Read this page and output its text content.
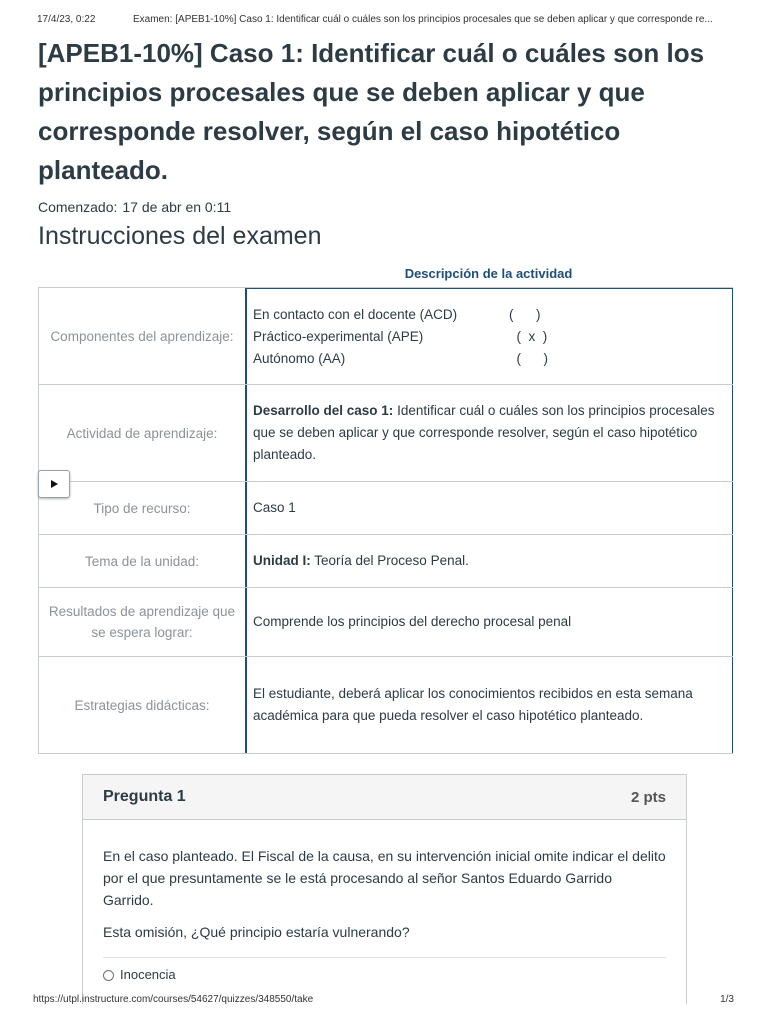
17/4/23, 0:22	Examen: [APEB1-10%] Caso 1: Identificar cuál o cuáles son los principios procesales que se deben aplicar y que corresponde re...
[APEB1-10%] Caso 1: Identificar cuál o cuáles son los principios procesales que se deben aplicar y que corresponde resolver, según el caso hipotético planteado.

Comenzado: 17 de abr en 0:11

Instrucciones del examen
Descripción de la actividad
Componentes del aprendizaje:
En contacto con el docente (ACD)	(      )
Práctico-experimental (APE)	(  x  )
Autónomo (AA)	(      )
Actividad de aprendizaje:
Desarrollo del caso 1: Identificar cuál o cuáles son los principios procesales que se deben aplicar y que corresponde resolver, según el caso hipotético planteado.
Tipo de recurso:	Caso 1
Tema de la unidad:	Unidad I: Teoría del Proceso Penal.
Resultados de aprendizaje que se espera lograr:
Comprende los principios del derecho procesal penal
Estrategias didácticas:
El estudiante, deberá aplicar los conocimientos recibidos en esta semana académica para que pueda resolver el caso hipotético planteado.
Pregunta 1	2 pts

En el caso planteado. El Fiscal de la causa, en su intervención inicial omite indicar el delito por el que presuntamente se le está procesando al señor Santos Eduardo Garrido Garrido.

Esta omisión, ¿Qué principio estaría vulnerando?

Inocencia
https://utpl.instructure.com/courses/54627/quizzes/348550/take	1/3
